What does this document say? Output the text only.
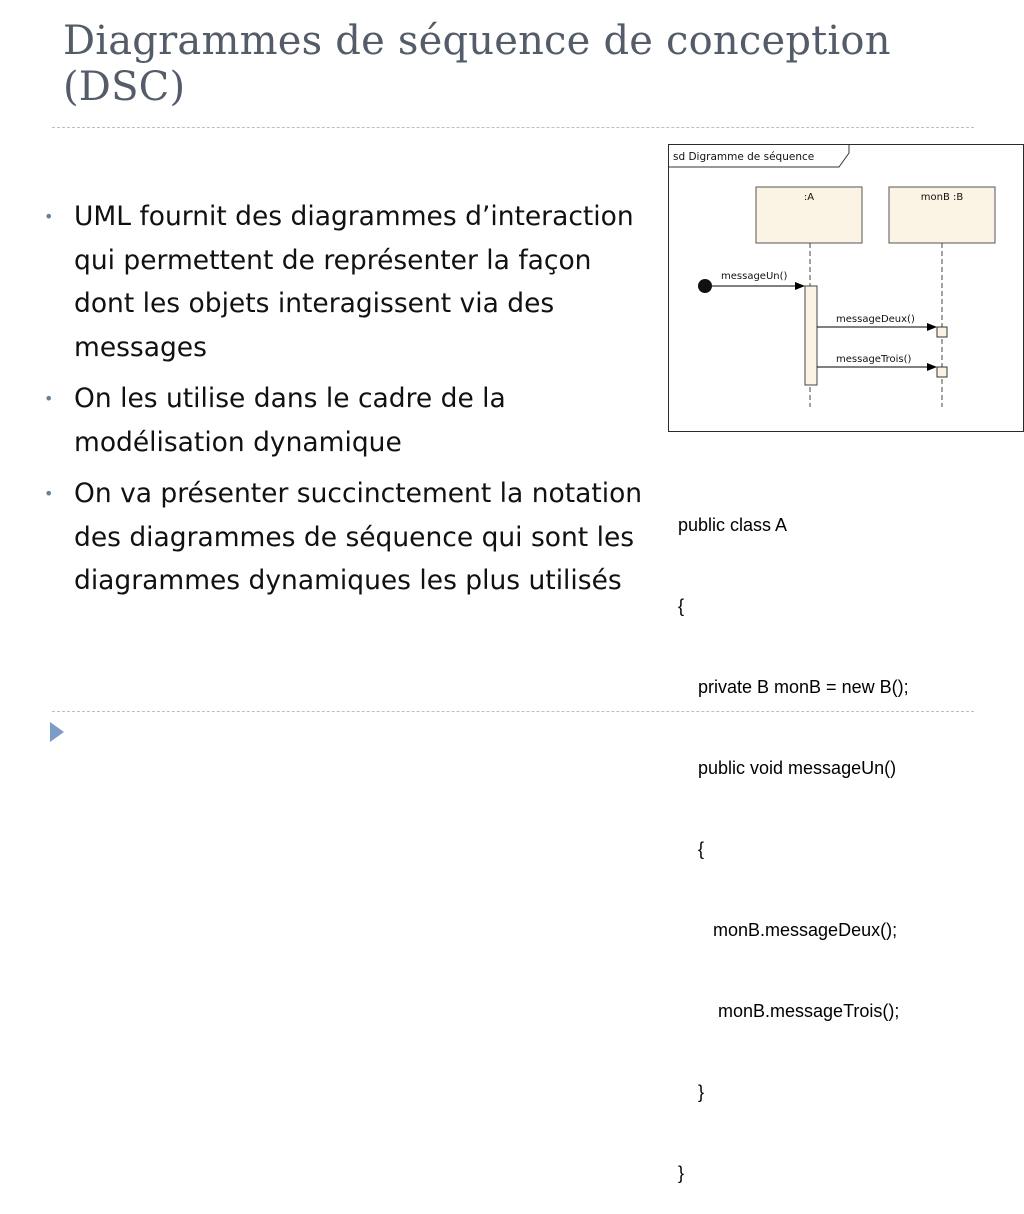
Diagrammes de séquence de conception
(DSC)
• UML fournit des diagrammes d’interaction qui permettent de représenter la façon dont les objets interagissent via des messages
• On les utilise dans le cadre de la modélisation dynamique
• On va présenter succinctement la notation des diagrammes de séquence qui sont les diagrammes dynamiques les plus utilisés
sd Digramme de séquence
:A	monB :B
messageUn()
messageDeux()
messageTrois()

public class A

{

private B monB = new B();

public void messageUn()

{

monB.messageDeux();

monB.messageTrois();

}

}
